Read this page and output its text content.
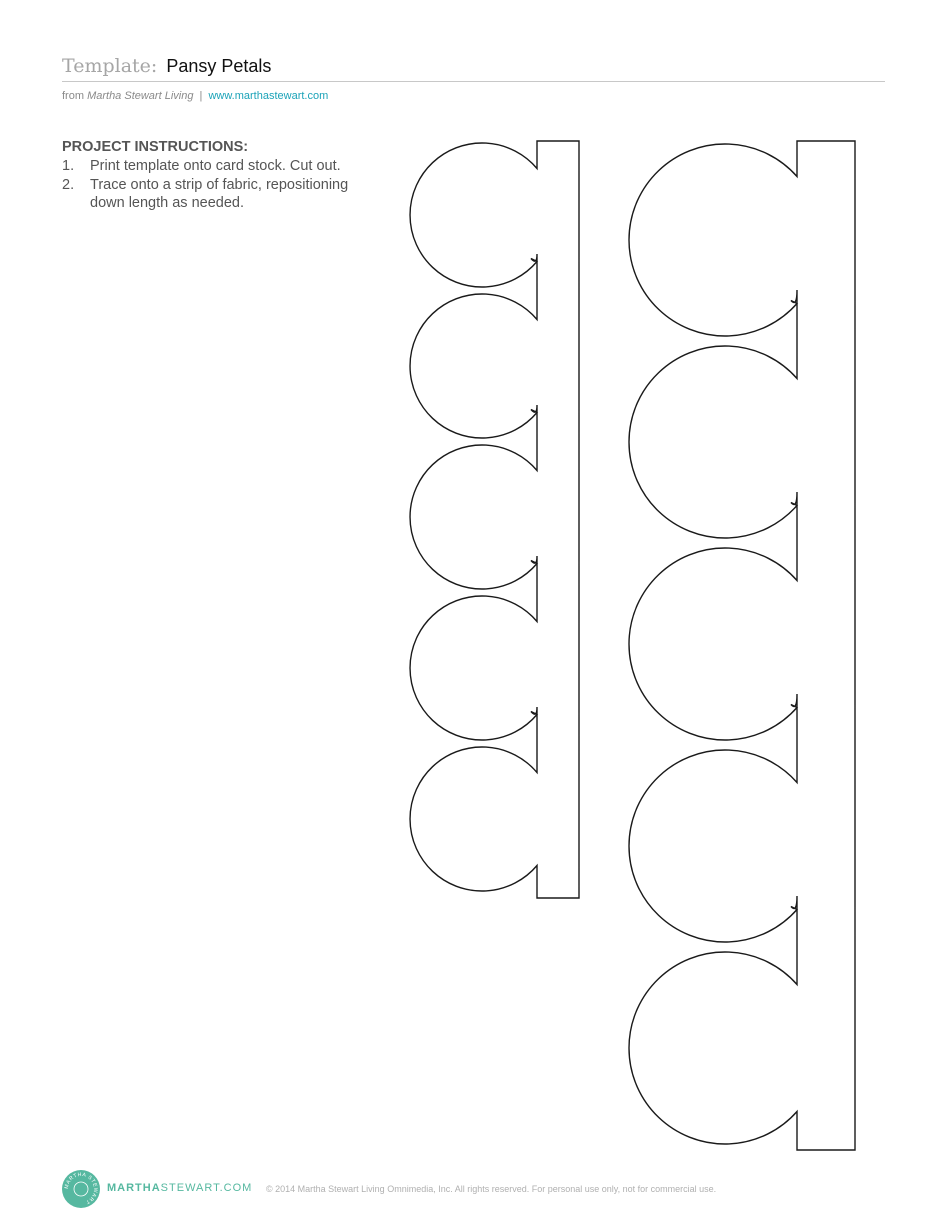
Template: Pansy Petals
from Martha Stewart Living | www.marthastewart.com
PROJECT INSTRUCTIONS:
1.	Print template onto card stock. Cut out.
2.	Trace onto a strip of fabric, repositioning down length as needed.
MARTHA STEWART
MARTHASTEWART.COM © 2014 Martha Stewart Living Omnimedia, Inc. All rights reserved. For personal use only, not for commercial use.
